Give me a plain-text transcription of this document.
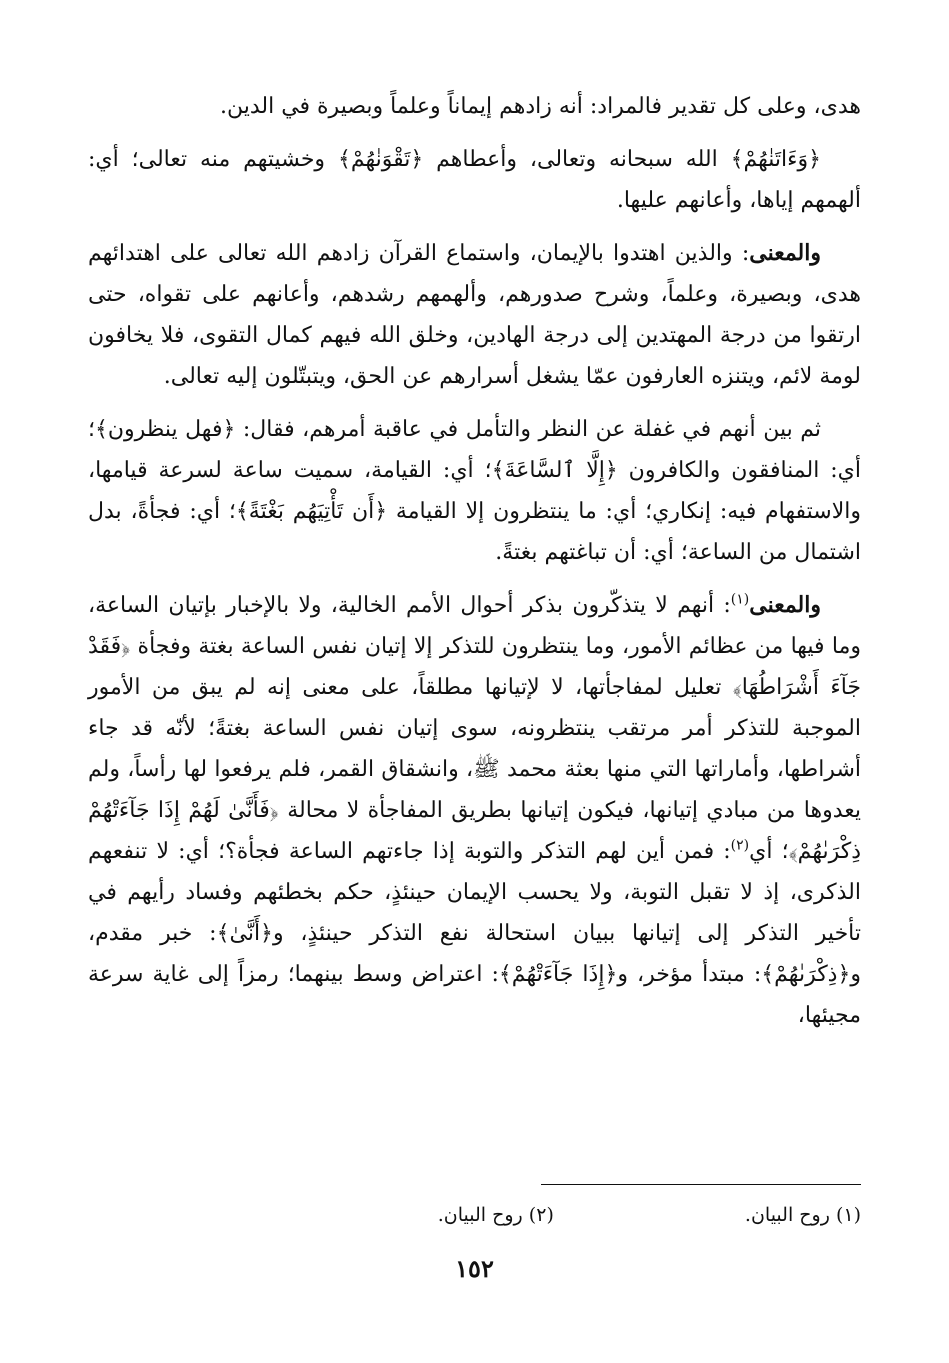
هدى، وعلى كل تقدير فالمراد: أنه زادهم إيماناً وعلماً وبصيرة في الدين.

﴿وَءَاتَنٰهُمْ﴾ الله سبحانه وتعالى، وأعطاهم ﴿تَقْوَنٰهُمْ﴾ وخشيتهم منه تعالى؛ أي: ألهمهم إياها، وأعانهم عليها.

والمعنى: والذين اهتدوا بالإيمان، واستماع القرآن زادهم الله تعالى على اهتدائهم هدى، وبصيرة، وعلماً، وشرح صدورهم، وألهمهم رشدهم، وأعانهم على تقواه، حتى ارتقوا من درجة المهتدين إلى درجة الهادين، وخلق الله فيهم كمال التقوى، فلا يخافون لومة لائم، ويتنزه العارفون عمّا يشغل أسرارهم عن الحق، ويتبتّلون إليه تعالى.

ثم بين أنهم في غفلة عن النظر والتأمل في عاقبة أمرهم، فقال: ﴿فهل ينظرون﴾؛ أي: المنافقون والكافرون ﴿إِلَّا ٱلسَّاعَةَ﴾؛ أي: القيامة، سميت ساعة لسرعة قيامها، والاستفهام فيه: إنكاري؛ أي: ما ينتظرون إلا القيامة ﴿أَن تَأْتِيَهُم بَغْتَةً﴾؛ أي: فجأةً، بدل اشتمال من الساعة؛ أي: أن تباغتهم بغتةً.

والمعنى$^{(١)}$: أنهم لا يتذكّرون بذكر أحوال الأمم الخالية، ولا بالإخبار بإتيان الساعة، وما فيها من عظائم الأمور، وما ينتظرون للتذكر إلا إتيان نفس الساعة بغتة وفجأة ﴿فَقَدْ جَآءَ أَشْرَاطُهَا﴾ تعليل لمفاجأتها، لا لإتيانها مطلقاً، على معنى إنه لم يبق من الأمور الموجبة للتذكر أمر مرتقب ينتظرونه، سوى إتيان نفس الساعة بغتةً؛ لأنّه قد جاء أشراطها، وأماراتها التي منها بعثة محمد ﷺ، وانشقاق القمر، فلم يرفعوا لها رأساً، ولم يعدوها من مبادي إتيانها، فيكون إتيانها بطريق المفاجأة لا محالة ﴿فَأَنَّىٰ لَهُمْ إِذَا جَآءَتْهُمْ ذِكْرَىٰهُمْ﴾؛ أي$^{(٢)}$: فمن أين لهم التذكر والتوبة إذا جاءتهم الساعة فجأة؟؛ أي: لا تنفعهم الذكرى، إذ لا تقبل التوبة، ولا يحسب الإيمان حينئذٍ، حكم بخطئهم وفساد رأيهم في تأخير التذكر إلى إتيانها ببيان استحالة نفع التذكر حينئذٍ، و﴿أَنَّىٰ﴾: خبر مقدم، و﴿ذِكْرَىٰهُمْ﴾: مبتدأ مؤخر، و﴿إِذَا جَآءَتْهُمْ﴾: اعتراض وسط بينهما؛ رمزاً إلى غاية سرعة مجيئها،

(١) روح البيان. (٢) روح البيان.
١٥٢
